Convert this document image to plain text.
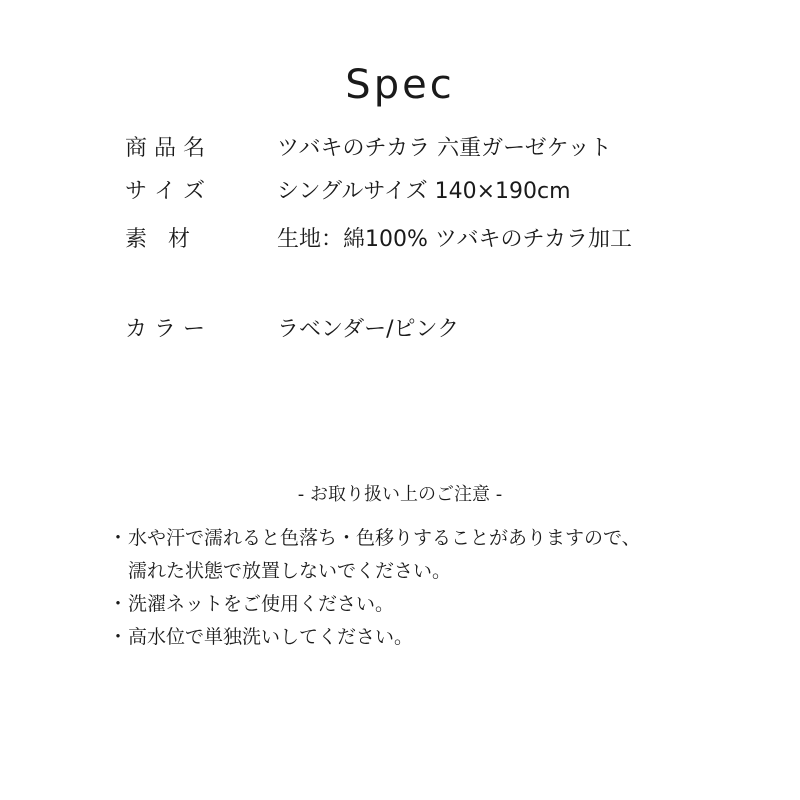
Spec
商 品 名	ツバキのチカラ 六重ガーゼケット
サ イ ズ	シングルサイズ 140×190cm
素   材	生地：綿100% ツバキのチカラ加工
カ ラ ー	ラベンダー/ピンク
- お取り扱い上のご注意 -
・ 水や汗で濡れると色落ち・色移りすることがありますので、
濡れた状態で放置しないでください。
・ 洗濯ネットをご使用ください。
・ 高水位で単独洗いしてください。
